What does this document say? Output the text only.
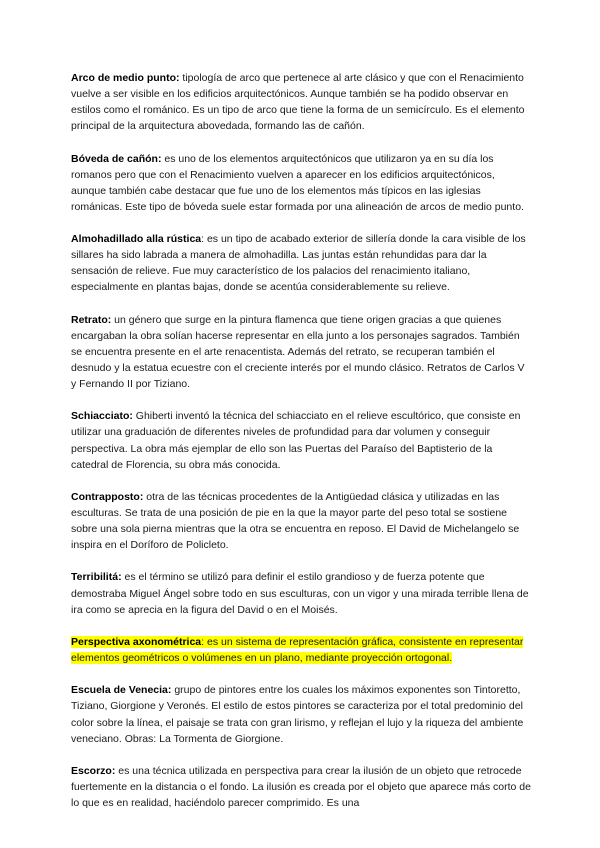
Arco de medio punto: tipología de arco que pertenece al arte clásico y que con el Renacimiento vuelve a ser visible en los edificios arquitectónicos. Aunque también se ha podido observar en estilos como el románico. Es un tipo de arco que tiene la forma de un semicírculo. Es el elemento principal de la arquitectura abovedada, formando las de cañón.

Bóveda de cañón: es uno de los elementos arquitectónicos que utilizaron ya en su día los romanos pero que con el Renacimiento vuelven a aparecer en los edificios arquitectónicos, aunque también cabe destacar que fue uno de los elementos más típicos en las iglesias románicas. Este tipo de bóveda suele estar formada por una alineación de arcos de medio punto.

Almohadillado alla rústica: es un tipo de acabado exterior de sillería donde la cara visible de los sillares ha sido labrada a manera de almohadilla. Las juntas están rehundidas para dar la sensación de relieve. Fue muy característico de los palacios del renacimiento italiano, especialmente en plantas bajas, donde se acentúa considerablemente su relieve.

Retrato: un género que surge en la pintura flamenca que tiene origen gracias a que quienes encargaban la obra solían hacerse representar en ella junto a los personajes sagrados. También se encuentra presente en el arte renacentista. Además del retrato, se recuperan también el desnudo y la estatua ecuestre con el creciente interés por el mundo clásico. Retratos de Carlos V y Fernando II por Tiziano.

Schiacciato: Ghiberti inventó la técnica del schiacciato en el relieve escultórico, que consiste en utilizar una graduación de diferentes niveles de profundidad para dar volumen y conseguir perspectiva. La obra más ejemplar de ello son las Puertas del Paraíso del Baptisterio de la catedral de Florencia, su obra más conocida.

Contrapposto: otra de las técnicas procedentes de la Antigüedad clásica y utilizadas en las esculturas. Se trata de una posición de pie en la que la mayor parte del peso total se sostiene sobre una sola pierna mientras que la otra se encuentra en reposo. El David de Michelangelo se inspira en el Doríforo de Policleto.

Terribilitá: es el término se utilizó para definir el estilo grandioso y de fuerza potente que demostraba Miguel Ángel sobre todo en sus esculturas, con un vigor y una mirada terrible llena de ira como se aprecia en la figura del David o en el Moisés.

Perspectiva axonométrica: es un sistema de representación gráfica, consistente en representar elementos geométricos o volúmenes en un plano, mediante proyección ortogonal.

Escuela de Venecia: grupo de pintores entre los cuales los máximos exponentes son Tintoretto, Tiziano, Giorgione y Veronés. El estilo de estos pintores se caracteriza por el total predominio del color sobre la línea, el paisaje se trata con gran lirismo, y reflejan el lujo y la riqueza del ambiente veneciano. Obras: La Tormenta de Giorgione.

Escorzo: es una técnica utilizada en perspectiva para crear la ilusión de un objeto que retrocede fuertemente en la distancia o el fondo. La ilusión es creada por el objeto que aparece más corto de lo que es en realidad, haciéndolo parecer comprimido. Es una
